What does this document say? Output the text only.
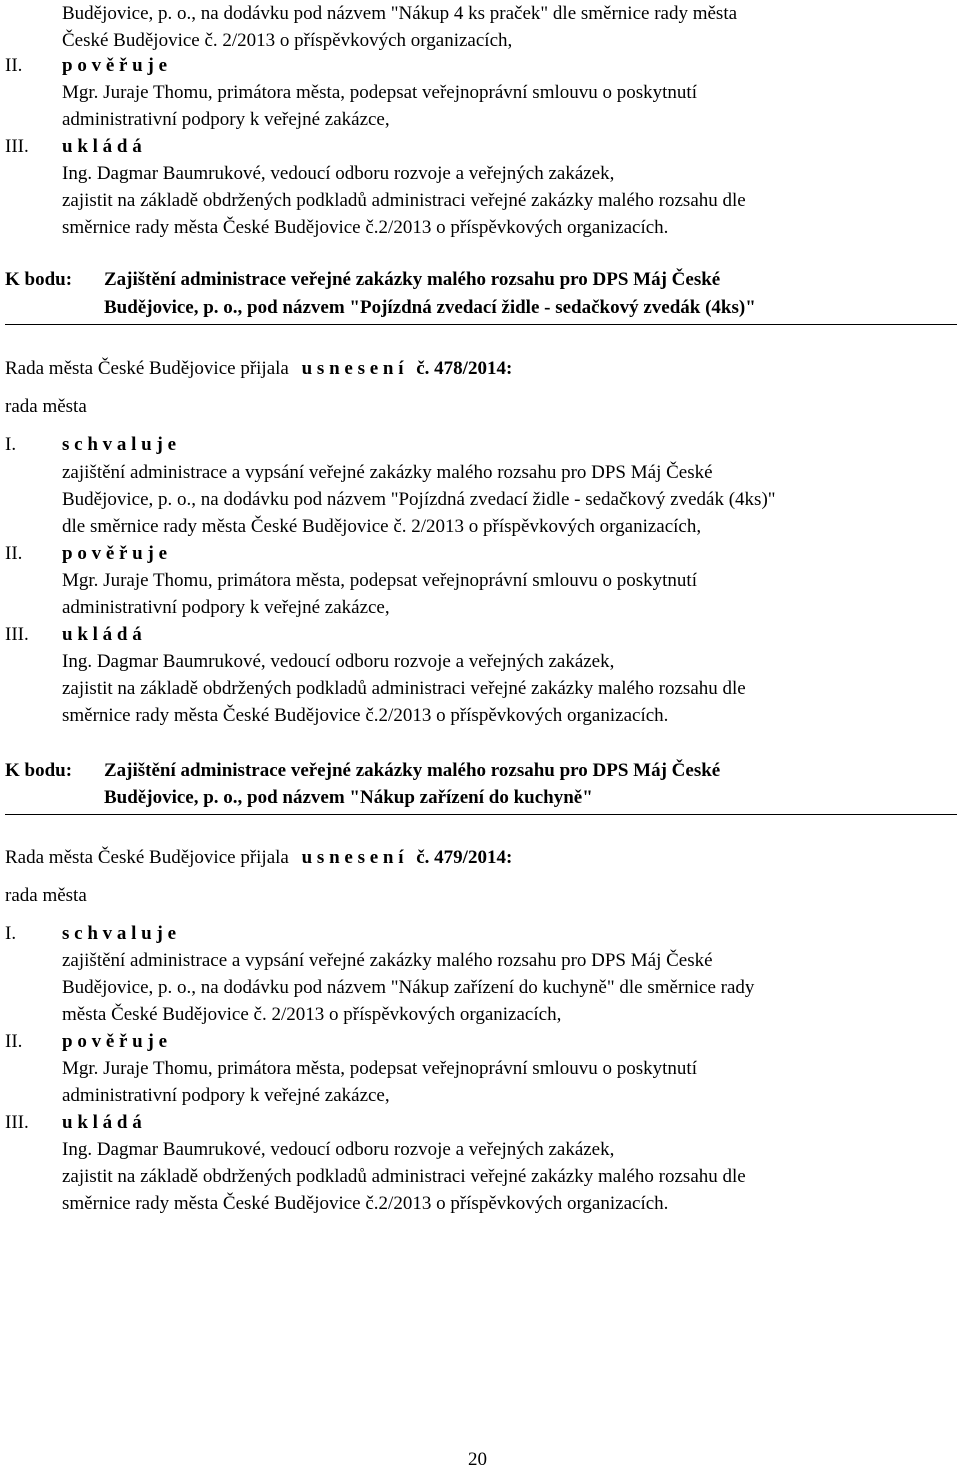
Budějovice, p. o., na dodávku pod názvem "Nákup 4 ks praček" dle směrnice rady města
České Budějovice č. 2/2013 o příspěvkových organizacích,
II. p o v ě ř u j e
Mgr. Juraje Thomu, primátora města, podepsat veřejnoprávní smlouvu o poskytnutí
administrativní podpory k veřejné zakázce,
III. u k l á d á
Ing. Dagmar Baumrukové, vedoucí odboru rozvoje a veřejných zakázek,
zajistit na základě obdržených podkladů administraci veřejné zakázky malého rozsahu dle
směrnice rady města České Budějovice č.2/2013 o příspěvkových organizacích.
K bodu: Zajištění administrace veřejné zakázky malého rozsahu pro DPS Máj České
Budějovice, p. o., pod názvem "Pojízdná zvedací židle - sedačkový zvedák (4ks)"
Rada města České Budějovice přijala u s n e s e n í č. 478/2014:
rada města
I. s c h v a l u j e
zajištění administrace a vypsání veřejné zakázky malého rozsahu pro DPS Máj České
Budějovice, p. o., na dodávku pod názvem "Pojízdná zvedací židle - sedačkový zvedák (4ks)"
dle směrnice rady města České Budějovice č. 2/2013 o příspěvkových organizacích,
II. p o v ě ř u j e
Mgr. Juraje Thomu, primátora města, podepsat veřejnoprávní smlouvu o poskytnutí
administrativní podpory k veřejné zakázce,
III. u k l á d á
Ing. Dagmar Baumrukové, vedoucí odboru rozvoje a veřejných zakázek,
zajistit na základě obdržených podkladů administraci veřejné zakázky malého rozsahu dle
směrnice rady města České Budějovice č.2/2013 o příspěvkových organizacích.
K bodu: Zajištění administrace veřejné zakázky malého rozsahu pro DPS Máj České
Budějovice, p. o., pod názvem "Nákup zařízení do kuchyně"
Rada města České Budějovice přijala u s n e s e n í č. 479/2014:
rada města
I. s c h v a l u j e
zajištění administrace a vypsání veřejné zakázky malého rozsahu pro DPS Máj České
Budějovice, p. o., na dodávku pod názvem "Nákup zařízení do kuchyně" dle směrnice rady
města České Budějovice č. 2/2013 o příspěvkových organizacích,
II. p o v ě ř u j e
Mgr. Juraje Thomu, primátora města, podepsat veřejnoprávní smlouvu o poskytnutí
administrativní podpory k veřejné zakázce,
III. u k l á d á
Ing. Dagmar Baumrukové, vedoucí odboru rozvoje a veřejných zakázek,
zajistit na základě obdržených podkladů administraci veřejné zakázky malého rozsahu dle
směrnice rady města České Budějovice č.2/2013 o příspěvkových organizacích.
20
